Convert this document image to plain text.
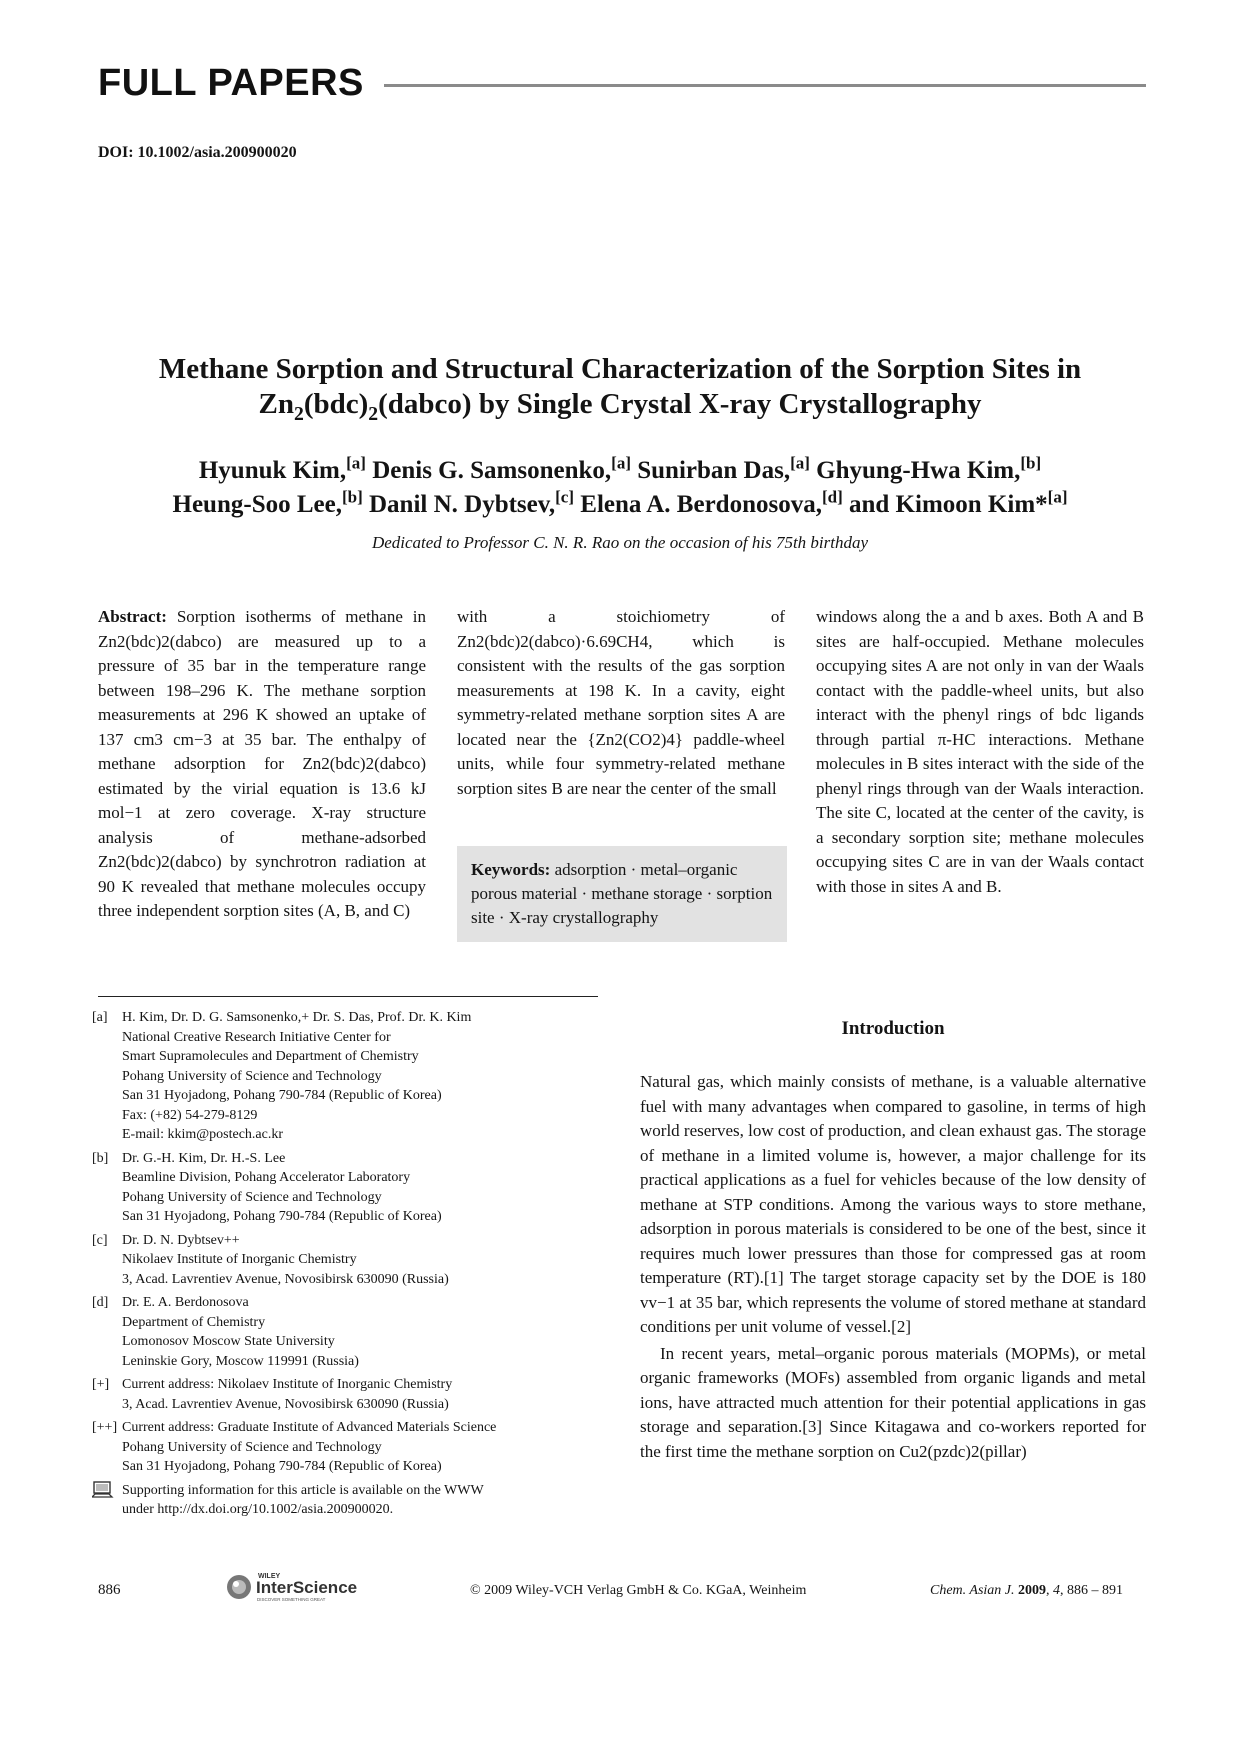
FULL PAPERS
DOI: 10.1002/asia.200900020
Methane Sorption and Structural Characterization of the Sorption Sites in
$Zn_2(bdc)_2(dabco)$ by Single Crystal X-ray Crystallography
Hyunuk Kim,[a] Denis G. Samsonenko,[a] Sunirban Das,[a] Ghyung-Hwa Kim,[b]
Heung-Soo Lee,[b] Danil N. Dybtsev,[c] Elena A. Berdonosova,[d] and Kimoon Kim*[a]
Dedicated to Professor C. N. R. Rao on the occasion of his 75th birthday

Abstract: Sorption isotherms of methane in Zn2(bdc)2(dabco) are measured up to a pressure of 35 bar in the temperature range between 198–296 K. The methane sorption measurements at 296 K showed an uptake of 137 cm3 cm−3 at 35 bar. The enthalpy of methane adsorption for Zn2(bdc)2(dabco) estimated by the virial equation is 13.6 kJ mol−1 at zero coverage. X-ray structure analysis of methane-adsorbed Zn2(bdc)2(dabco) by synchrotron radiation at 90 K revealed that methane molecules occupy three independent sorption sites (A, B, and C)

with a stoichiometry of Zn2(bdc)2(dabco)·6.69CH4, which is consistent with the results of the gas sorption measurements at 198 K. In a cavity, eight symmetry-related methane sorption sites A are located near the {Zn2(CO2)4} paddle-wheel units, while four symmetry-related methane sorption sites B are near the center of the small

windows along the a and b axes. Both A and B sites are half-occupied. Methane molecules occupying sites A are not only in van der Waals contact with the paddle-wheel units, but also interact with the phenyl rings of bdc ligands through partial π-HC interactions. Methane molecules in B sites interact with the side of the phenyl rings through van der Waals interaction. The site C, located at the center of the cavity, is a secondary sorption site; methane molecules occupying sites C are in van der Waals contact with those in sites A and B.

Keywords: adsorption · metal–organic porous material · methane storage · sorption site · X-ray crystallography
[a]	H. Kim, Dr. D. G. Samsonenko,+ Dr. S. Das, Prof. Dr. K. Kim
National Creative Research Initiative Center for
Smart Supramolecules and Department of Chemistry
Pohang University of Science and Technology
San 31 Hyojadong, Pohang 790-784 (Republic of Korea)
Fax: (+82) 54-279-8129
E-mail: kkim@postech.ac.kr
[b] Dr. G.-H. Kim, Dr. H.-S. Lee
Beamline Division, Pohang Accelerator Laboratory
Pohang University of Science and Technology
San 31 Hyojadong, Pohang 790-784 (Republic of Korea)
[c]	Dr. D. N. Dybtsev++
Nikolaev Institute of Inorganic Chemistry
3, Acad. Lavrentiev Avenue, Novosibirsk 630090 (Russia)
[d] Dr. E. A. Berdonosova
Department of Chemistry
Lomonosov Moscow State University
Leninskie Gory, Moscow 119991 (Russia)
[+] Current address: Nikolaev Institute of Inorganic Chemistry
3, Acad. Lavrentiev Avenue, Novosibirsk 630090 (Russia)
[++] Current address: Graduate Institute of Advanced Materials Science
Pohang University of Science and Technology
San 31 Hyojadong, Pohang 790-784 (Republic of Korea)
Supporting information for this article is available on the WWW
under http://dx.doi.org/10.1002/asia.200900020.
Introduction

Natural gas, which mainly consists of methane, is a valuable alternative fuel with many advantages when compared to gasoline, in terms of high world reserves, low cost of production, and clean exhaust gas. The storage of methane in a limited volume is, however, a major challenge for its practical applications as a fuel for vehicles because of the low density of methane at STP conditions. Among the various ways to store methane, adsorption in porous materials is considered to be one of the best, since it requires much lower pressures than those for compressed gas at room temperature (RT).[1] The target storage capacity set by the DOE is 180 vv−1 at 35 bar, which represents the volume of stored methane at standard conditions per unit volume of vessel.[2]

In recent years, metal–organic porous materials (MOPMs), or metal organic frameworks (MOFs) assembled from organic ligands and metal ions, have attracted much attention for their potential applications in gas storage and separation.[3] Since Kitagawa and co-workers reported for the first time the methane sorption on Cu2(pzdc)2(pillar)

886
WILEY
InterScience
DISCOVER SOMETHING GREAT
© 2009 Wiley-VCH Verlag GmbH & Co. KGaA, Weinheim	Chem. Asian J. 2009, 4, 886 – 891
